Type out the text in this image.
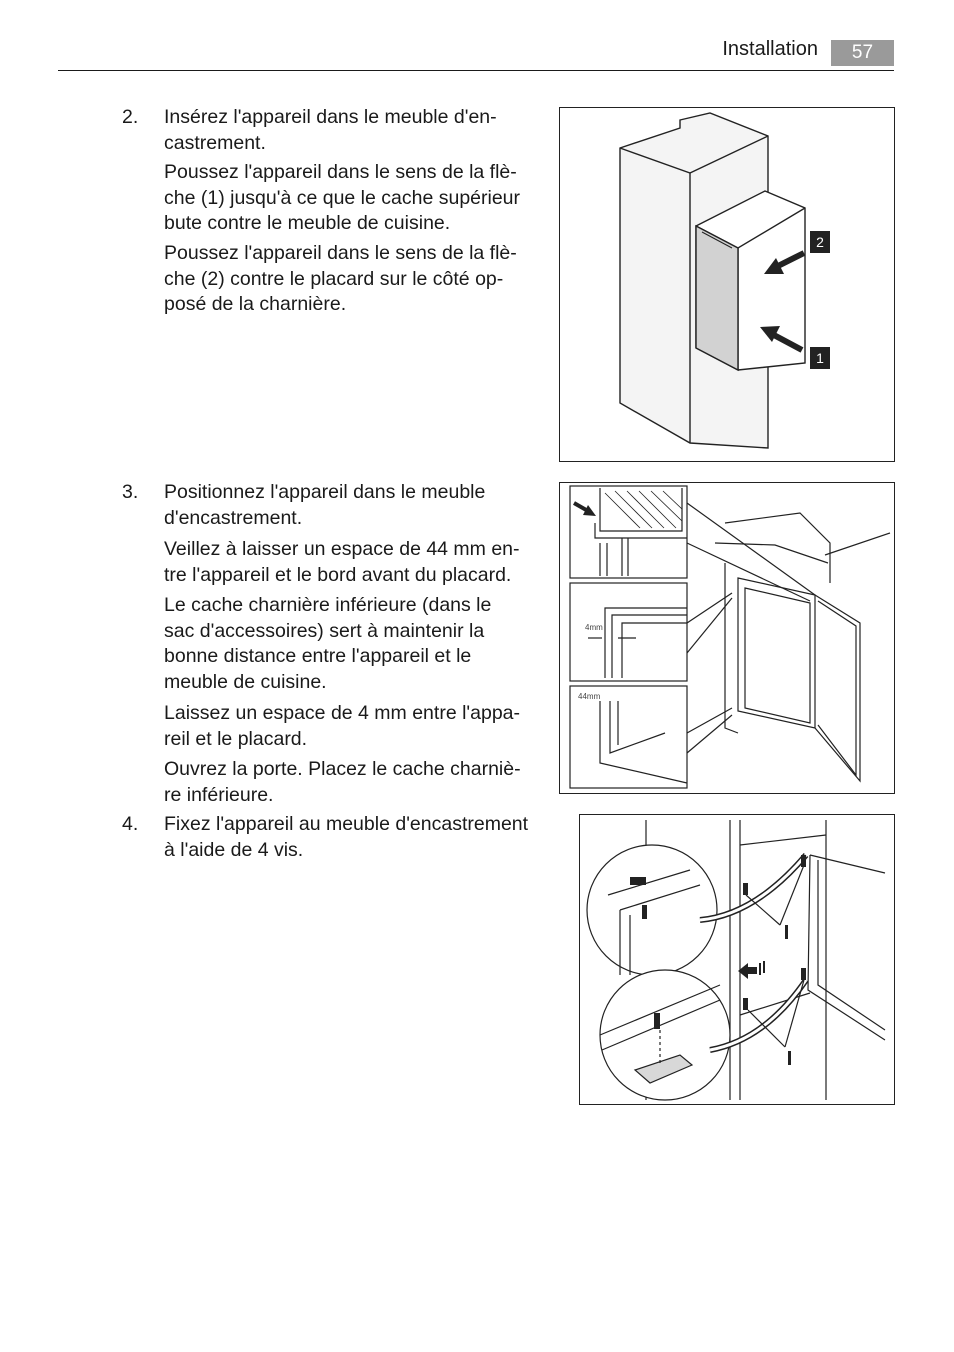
Installation	57
2. Insérez l'appareil dans le meuble d'en-
castrement.
Poussez l'appareil dans le sens de la flè-
che (1) jusqu'à ce que le cache supérieur
bute contre le meuble de cuisine.
Poussez l'appareil dans le sens de la flè-
che (2) contre le placard sur le côté op-
posé de la charnière.
3. Positionnez l'appareil dans le meuble
d'encastrement.
Veillez à laisser un espace de 44 mm en-
tre l'appareil et le bord avant du placard.
Le cache charnière inférieure (dans le
sac d'accessoires) sert à maintenir la
bonne distance entre l'appareil et le
meuble de cuisine.
Laissez un espace de 4 mm entre l'appa-
reil et le placard.
Ouvrez la porte. Placez le cache charniè-
re inférieure.
4. Fixez l'appareil au meuble d'encastrement
à l'aide de 4 vis.
2
1
4mm
44mm
